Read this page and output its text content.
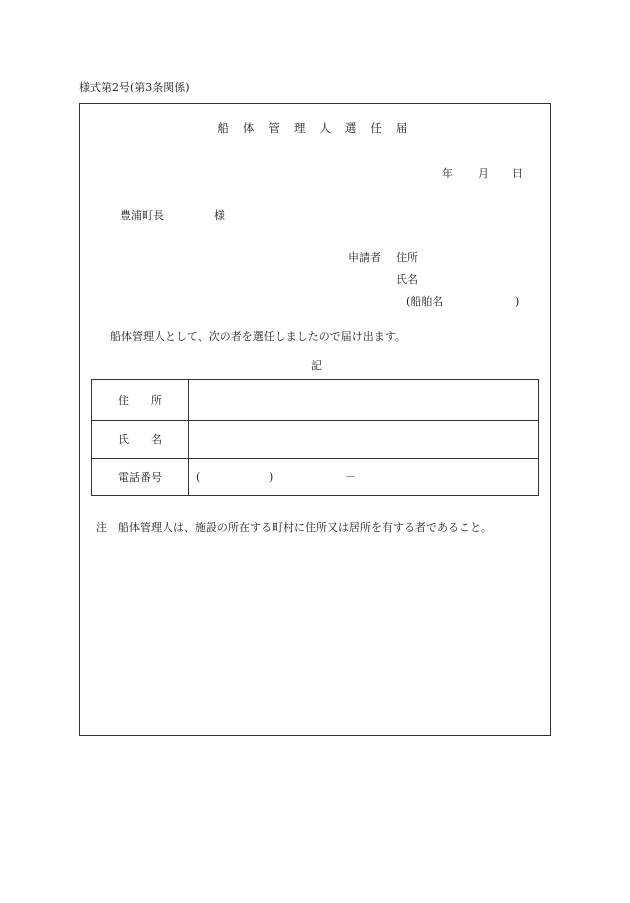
様式第2号(第3条関係)
船 体 管 理 人 選 任 届
年 月 日
豊浦町長	様
申請者 住所
氏名
(船舶名	)
船体管理人として、次の者を選任しましたので届け出ます。
記
住　　所	
氏　　名	
電話番号	( ) －
注　船体管理人は、施設の所在する町村に住所又は居所を有する者であること。
